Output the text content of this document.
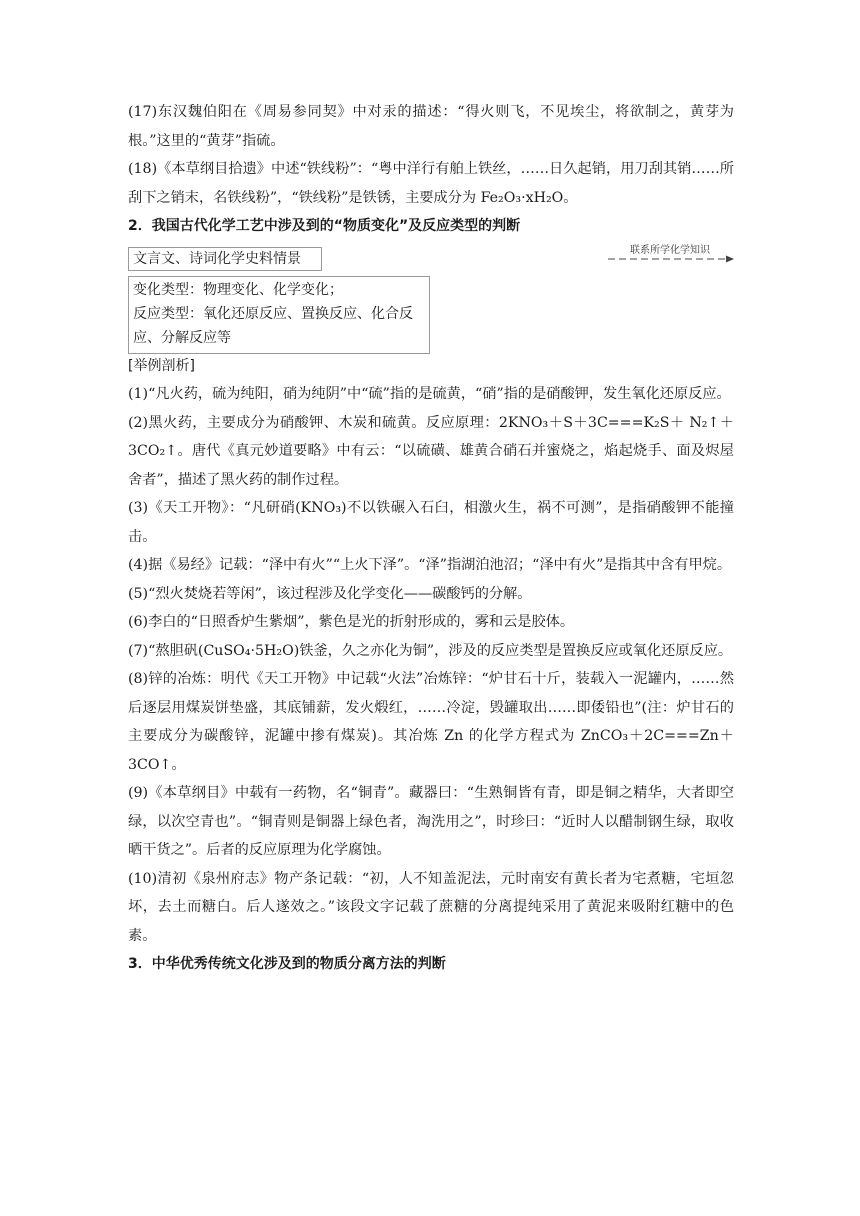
(17)东汉魏伯阳在《周易参同契》中对汞的描述：“得火则飞，不见埃尘，将欲制之，黄芽为根。”这里的“黄芽”指硫。

(18)《本草纲目拾遗》中述“铁线粉”：“粤中洋行有舶上铁丝，……日久起销，用刀刮其销……所刮下之销末，名铁线粉”，“铁线粉”是铁锈，主要成分为 Fe₂O₃·xH₂O。

2．我国古代化学工艺中涉及到的“物质变化”及反应类型的判断

文言文、诗词化学史料情景
联系所学化学知识
变化类型：物理变化、化学变化；
反应类型：氧化还原反应、置换反应、化合反应、分解反应等

[举例剖析]

(1)“凡火药，硫为纯阳，硝为纯阴”中“硫”指的是硫黄，“硝”指的是硝酸钾，发生氧化还原反应。

(2)黑火药，主要成分为硝酸钾、木炭和硫黄。反应原理：2KNO₃＋S＋3C===K₂S＋ N₂↑＋3CO₂↑。唐代《真元妙道要略》中有云：“以硫磺、雄黄合硝石并蜜烧之，焰起烧手、面及烬屋舍者”，描述了黑火药的制作过程。

(3)《天工开物》：“凡研硝(KNO₃)不以铁碾入石臼，相激火生，祸不可测”，是指硝酸钾不能撞击。

(4)据《易经》记载：“泽中有火”“上火下泽”。“泽”指湖泊池沼；“泽中有火”是指其中含有甲烷。

(5)“烈火焚烧若等闲”，该过程涉及化学变化——碳酸钙的分解。

(6)李白的“日照香炉生紫烟”，紫色是光的折射形成的，雾和云是胶体。

(7)“熬胆矾(CuSO₄·5H₂O)铁釜，久之亦化为铜”，涉及的反应类型是置换反应或氧化还原反应。

(8)锌的冶炼：明代《天工开物》中记载“火法”冶炼锌：“炉甘石十斤，装载入一泥罐内，……然后逐层用煤炭饼垫盛，其底铺薪，发火煅红，……冷淀，毁罐取出……即倭铅也”(注：炉甘石的主要成分为碳酸锌，泥罐中掺有煤炭)。其冶炼 Zn 的化学方程式为 ZnCO₃＋2C===Zn＋3CO↑。

(9)《本草纲目》中载有一药物，名“铜青”。藏器曰：“生熟铜皆有青，即是铜之精华，大者即空绿，以次空青也”。“铜青则是铜器上绿色者，淘洗用之”，时珍曰：“近时人以醋制钢生绿，取收晒干货之”。后者的反应原理为化学腐蚀。

(10)清初《泉州府志》物产条记载：“初，人不知盖泥法，元时南安有黄长者为宅煮糖，宅垣忽坏，去土而糖白。后人遂效之。”该段文字记载了蔗糖的分离提纯采用了黄泥来吸附红糖中的色素。

3．中华优秀传统文化涉及到的物质分离方法的判断
